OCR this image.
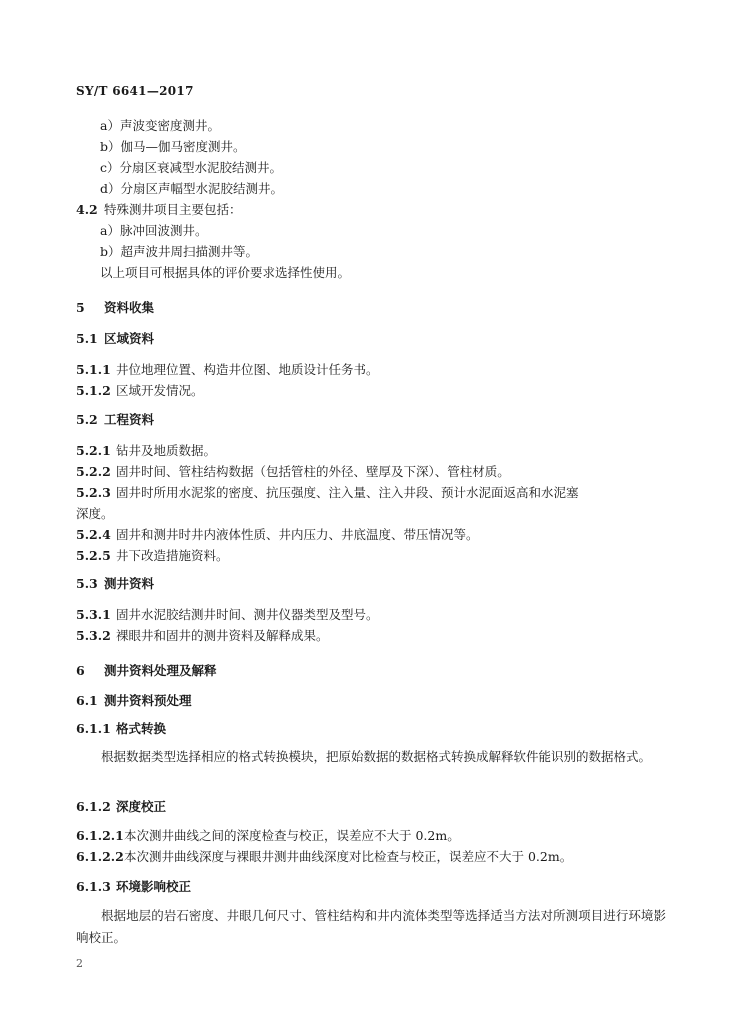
SY/T 6641—2017
a）声波变密度测井。
b）伽马—伽马密度测井。
c）分扇区衰减型水泥胶结测井。
d）分扇区声幅型水泥胶结测井。
4.2 特殊测井项目主要包括：
a）脉冲回波测井。
b）超声波井周扫描测井等。
以上项目可根据具体的评价要求选择性使用。
5 资料收集
5.1 区域资料
5.1.1 井位地理位置、构造井位图、地质设计任务书。
5.1.2 区域开发情况。
5.2 工程资料
5.2.1 钻井及地质数据。
5.2.2 固井时间、管柱结构数据（包括管柱的外径、壁厚及下深）、管柱材质。
5.2.3 固井时所用水泥浆的密度、抗压强度、注入量、注入井段、预计水泥面返高和水泥塞
深度。
5.2.4 固井和测井时井内液体性质、井内压力、井底温度、带压情况等。
5.2.5 井下改造措施资料。
5.3 测井资料
5.3.1 固井水泥胶结测井时间、测井仪器类型及型号。
5.3.2 裸眼井和固井的测井资料及解释成果。
6 测井资料处理及解释
6.1 测井资料预处理
6.1.1 格式转换
根据数据类型选择相应的格式转换模块，把原始数据的数据格式转换成解释软件能识别的数据格式。
6.1.2 深度校正
6.1.2.1本次测井曲线之间的深度检查与校正，误差应不大于 0.2m。
6.1.2.2本次测井曲线深度与裸眼井测井曲线深度对比检查与校正，误差应不大于 0.2m。
6.1.3 环境影响校正
根据地层的岩石密度、井眼几何尺寸、管柱结构和井内流体类型等选择适当方法对所测项目进行环境影响校正。
2
